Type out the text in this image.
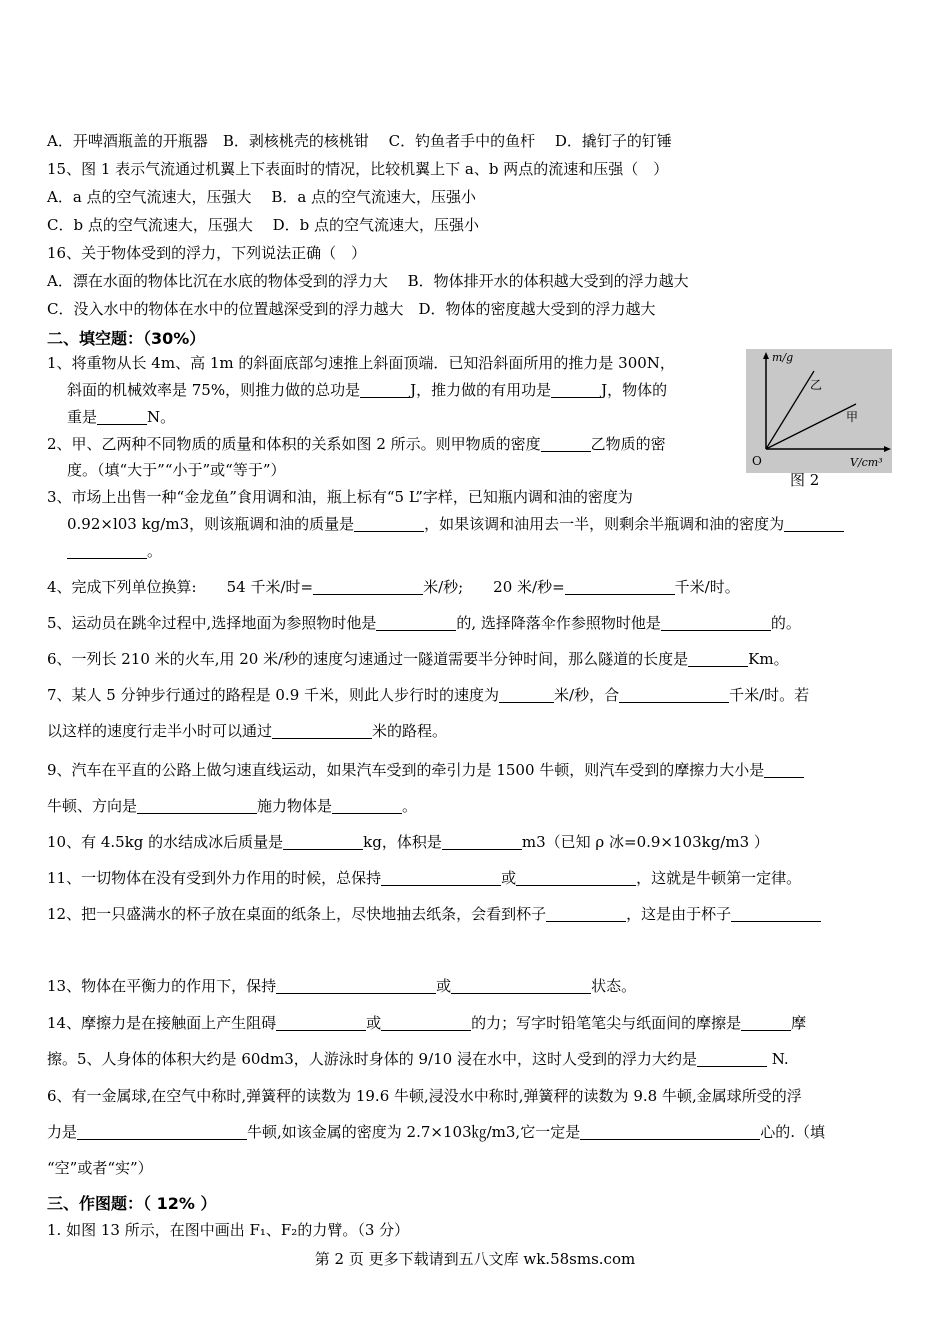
A．开啤酒瓶盖的开瓶器　B．剥核桃壳的核桃钳　 C．钓鱼者手中的鱼杆　 D．撬钉子的钉锤
15、图 1 表示气流通过机翼上下表面时的情况，比较机翼上下 a、b 两点的流速和压强（　）
A．a 点的空气流速大，压强大　 B．a 点的空气流速大，压强小
C．b 点的空气流速大，压强大　 D．b 点的空气流速大，压强小
16、关于物体受到的浮力，下列说法正确（　）
A．漂在水面的物体比沉在水底的物体受到的浮力大　 B．物体排开水的体积越大受到的浮力越大
C．没入水中的物体在水中的位置越深受到的浮力越大　D．物体的密度越大受到的浮力越大
二、填空题：（30%）
1、将重物从长 4m、高 1m 的斜面底部匀速推上斜面顶端．已知沿斜面所用的推力是 300N，
斜面的机械效率是 75%，则推力做的总功是	J，推力做的有用功是	J，物体的
重是	N。
2、甲、乙两种不同物质的质量和体积的关系如图 2 所示。则甲物质的密度	乙物质的密
度。（填“大于”“小于”或“等于”）
3、市场上出售一种“金龙鱼”食用调和油，瓶上标有“5 L”字样，已知瓶内调和油的密度为
0.92×l03 kg/m3，则该瓶调和油的质量是	，如果该调和油用去一半，则剩余半瓶调和油的密度为
。
4、完成下列单位换算:　　54 千米/时=	米/秒;　　20 米/秒=	千米/时。
5、运动员在跳伞过程中,选择地面为参照物时他是	的, 选择降落伞作参照物时他是	的。
6、一列长 210 米的火车,用 20 米/秒的速度匀速通过一隧道需要半分钟时间，那么隧道的长度是	Km。
7、某人 5 分钟步行通过的路程是 0.9 千米，则此人步行时的速度为	米/秒，合	千米/时。若
以这样的速度行走半小时可以通过	米的路程。
9、汽车在平直的公路上做匀速直线运动，如果汽车受到的牵引力是 1500 牛顿，则汽车受到的摩擦力大小是
牛顿、方向是	施力物体是	。
10、有 4.5kg 的水结成冰后质量是	kg，体积是	m3（已知 ρ 冰=0.9×103kg/m3 ）
11、一切物体在没有受到外力作用的时候，总保持	或	，这就是牛顿第一定律。
12、把一只盛满水的杯子放在桌面的纸条上，尽快地抽去纸条，会看到杯子	，这是由于杯子
13、物体在平衡力的作用下，保持	或	状态。
14、摩擦力是在接触面上产生阻碍	或	的力；写字时铅笔笔尖与纸面间的摩擦是	摩
擦。5、人身体的体积大约是 60dm3，人游泳时身体的 9/10 浸在水中，这时人受到的浮力大约是	N.
6、有一金属球,在空气中称时,弹簧秤的读数为 19.6 牛顿,浸没水中称时,弹簧秤的读数为 9.8 牛顿,金属球所受的浮
力是	牛顿,如该金属的密度为 2.7×103㎏/m3,它一定是	心的.（填
“空”或者“实”）
三、作图题：（ 12% ）
1. 如图 13 所示，在图中画出 F₁、F₂的力臂。（3 分）
m/g
V/cm³
O
乙
甲
图 2
第 2 页 更多下载请到五八文库 wk.58sms.com
